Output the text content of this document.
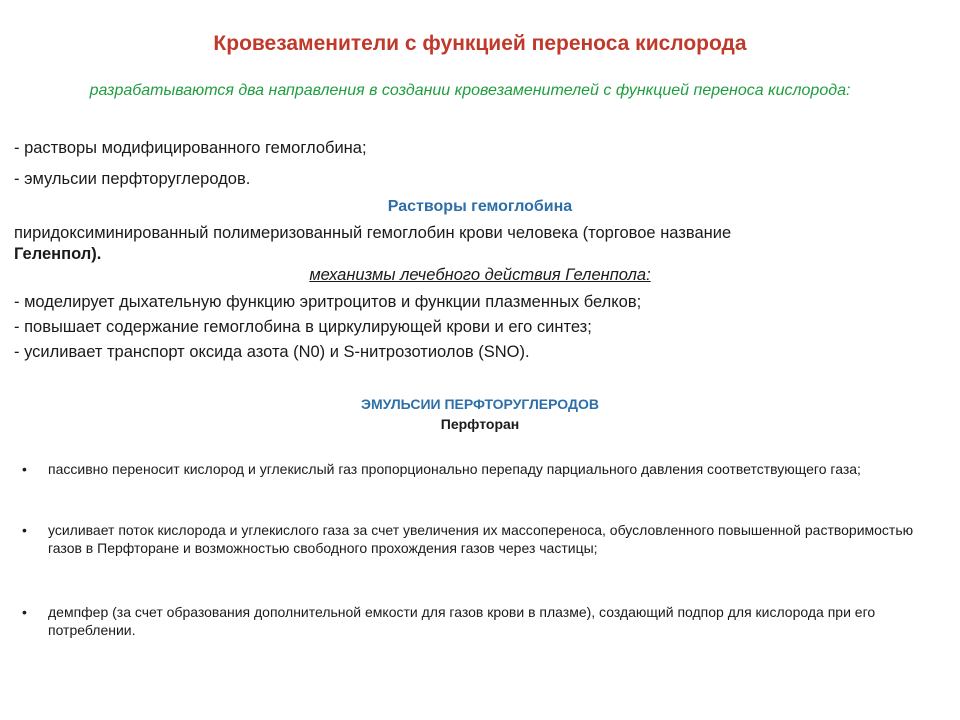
Кровезаменители с функцией переноса кислорода
разрабатываются два направления в создании кровезаменителей с функцией переноса кислорода:
- растворы модифицированного гемоглобина;
- эмульсии перфторуглеродов.
Растворы гемоглобина
пиридоксиминированный полимеризованный гемоглобин крови человека (торговое название
Геленпол).
механизмы лечебного действия Геленпола:
- моделирует дыхательную функцию эритроцитов и функции плазменных белков;
- повышает содержание гемоглобина в циркулирующей крови и его синтез;
- усиливает транспорт оксида азота (N0) и S-нитрозотиолов (SNO).
ЭМУЛЬСИИ ПЕРФТОРУГЛЕРОДОВ
Перфторан
• пассивно переносит кислород и углекислый газ пропорционально перепаду парциального давления соответствующего газа;
• усиливает поток кислорода и углекислого газа за счет увеличения их массопереноса, обусловленного повышенной растворимостью газов в Перфторане и возможностью свободного прохождения газов через частицы;
• демпфер (за счет образования дополнительной емкости для газов крови в плазме), создающий подпор для кислорода при его потреблении.
